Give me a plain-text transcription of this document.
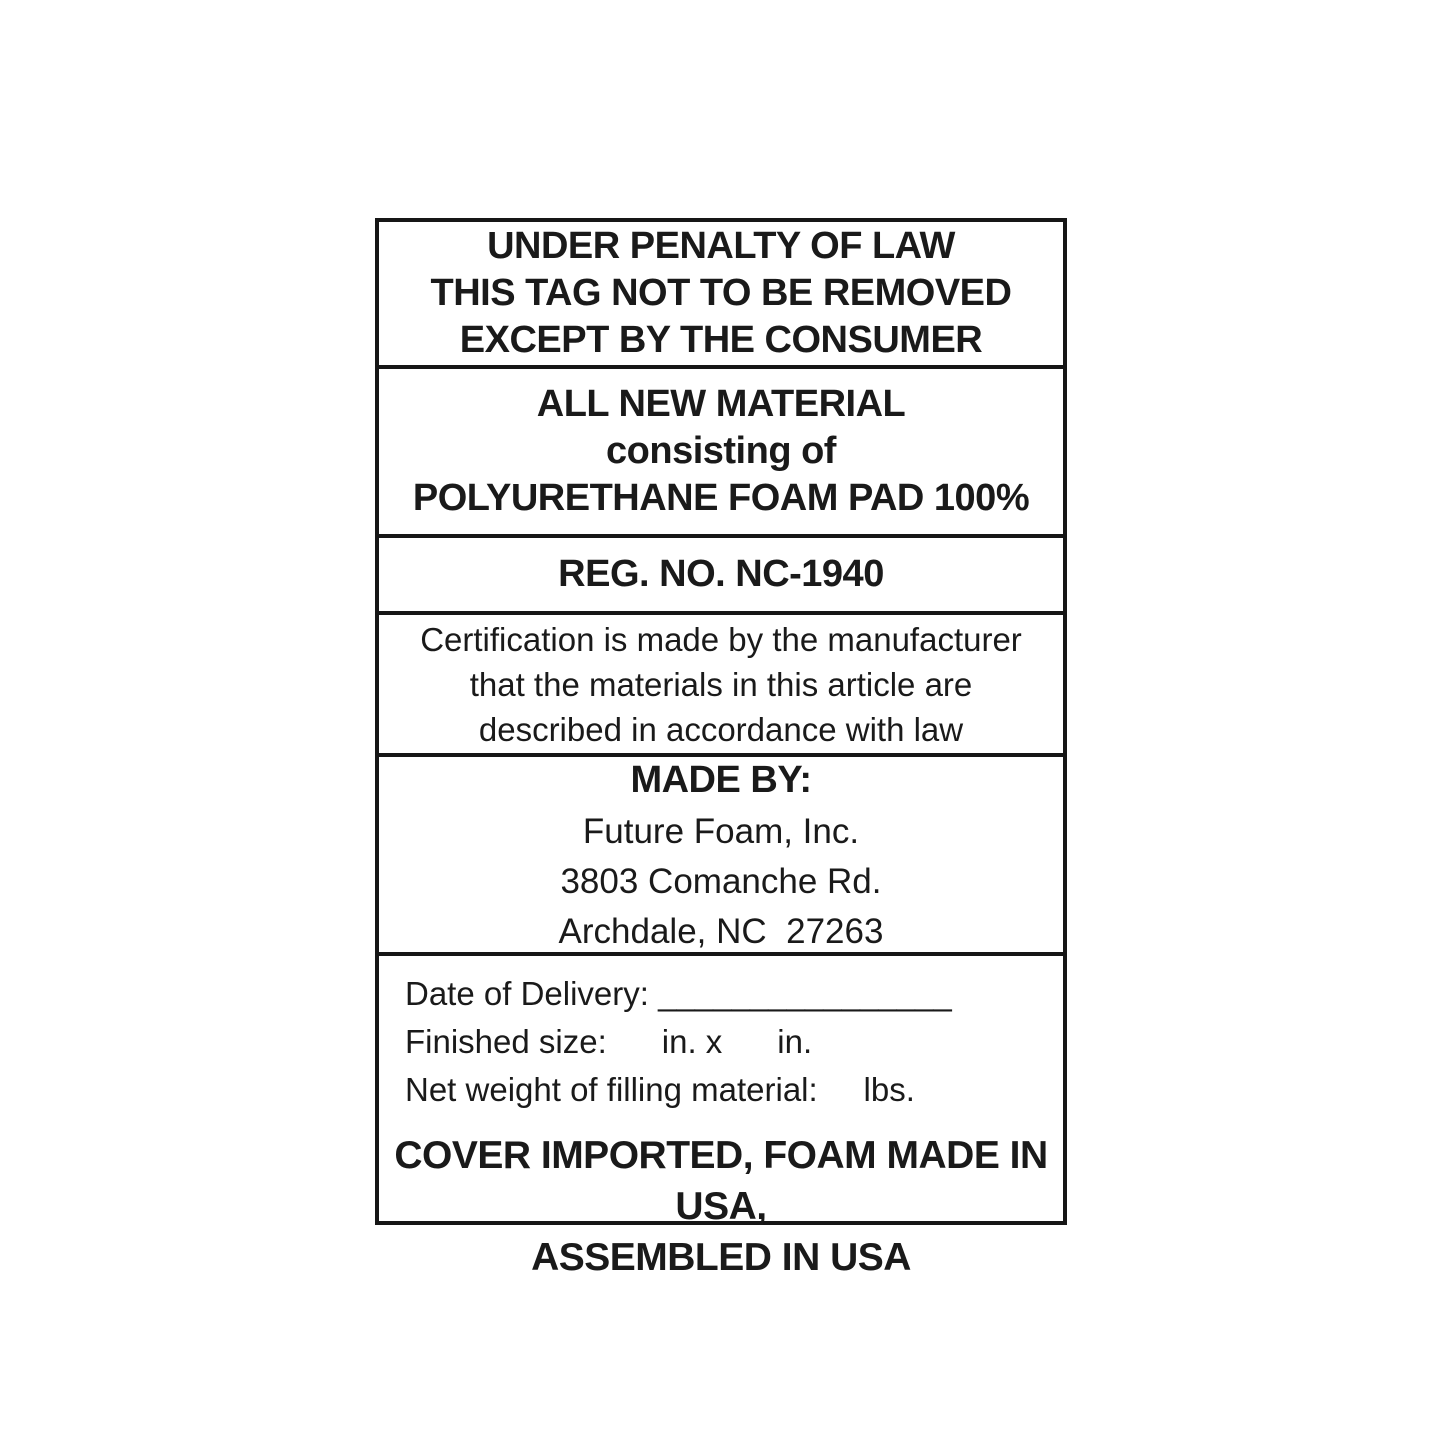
UNDER PENALTY OF LAW
THIS TAG NOT TO BE REMOVED
EXCEPT BY THE CONSUMER
ALL NEW MATERIAL
consisting of
POLYURETHANE FOAM PAD 100%
REG. NO. NC-1940
Certification is made by the manufacturer
that the materials in this article are
described in accordance with law
MADE BY:
Future Foam, Inc.
3803 Comanche Rd.
Archdale, NC  27263
Date of Delivery: ________________
Finished size:      in. x      in.
Net weight of filling material:     lbs.
COVER IMPORTED, FOAM MADE IN USA,
ASSEMBLED IN USA
